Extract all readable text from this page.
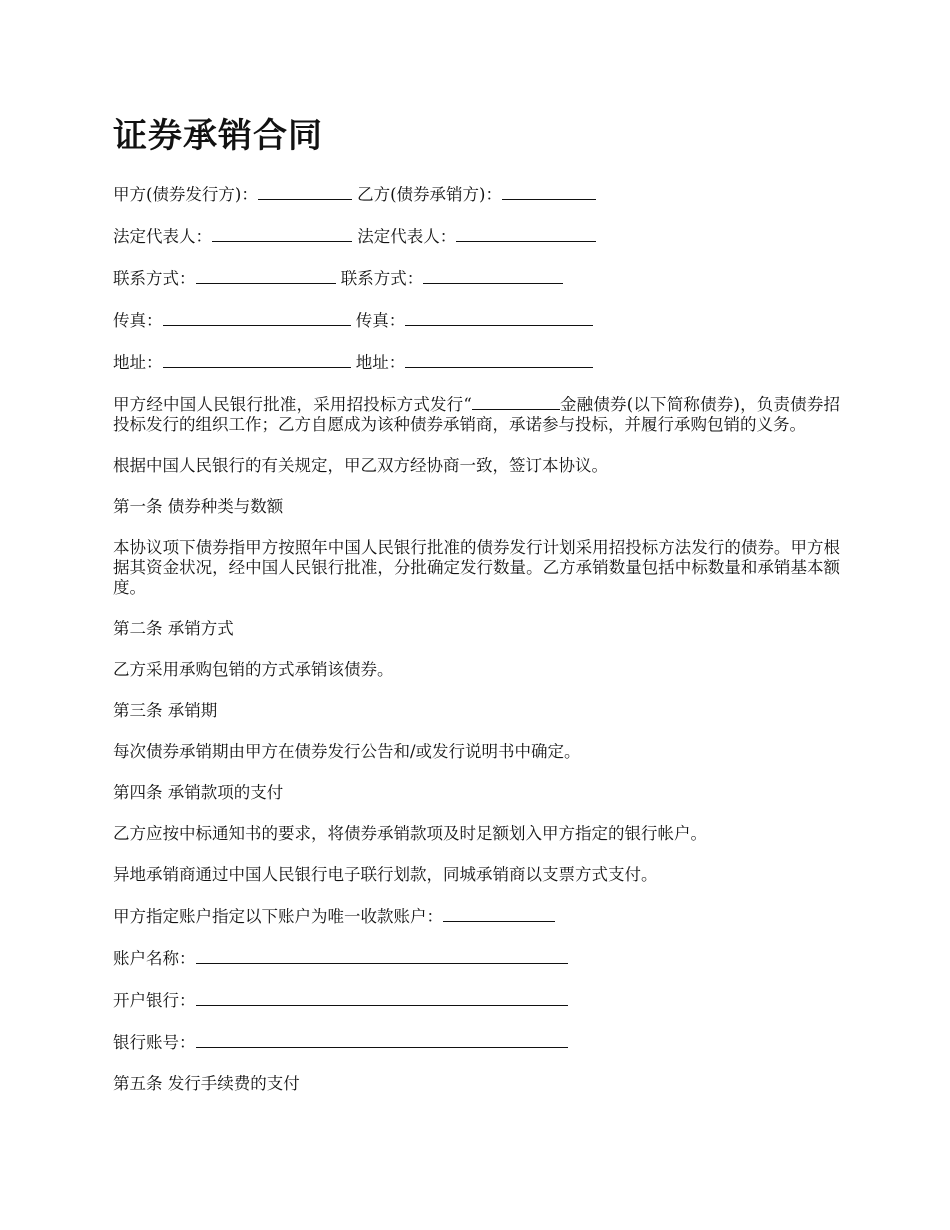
证券承销合同
甲方(债券发行方)：	乙方(债券承销方)：
法定代表人：	法定代表人：
联系方式：	联系方式：
传真：	传真：
地址：	地址：

甲方经中国人民银行批准，采用招投标方式发行“	金融债券(以下简称债券)，负责债券招投标发行的组织工作；乙方自愿成为该种债券承销商，承诺参与投标，并履行承购包销的义务。

根据中国人民银行的有关规定，甲乙双方经协商一致，签订本协议。

第一条 债券种类与数额

本协议项下债券指甲方按照年中国人民银行批准的债券发行计划采用招投标方法发行的债券。甲方根据其资金状况，经中国人民银行批准，分批确定发行数量。乙方承销数量包括中标数量和承销基本额度。

第二条 承销方式

乙方采用承购包销的方式承销该债券。

第三条 承销期

每次债券承销期由甲方在债券发行公告和/或发行说明书中确定。

第四条 承销款项的支付

乙方应按中标通知书的要求，将债券承销款项及时足额划入甲方指定的银行帐户。

异地承销商通过中国人民银行电子联行划款，同城承销商以支票方式支付。

甲方指定账户指定以下账户为唯一收款账户：
账户名称：
开户银行：
银行账号：

第五条 发行手续费的支付
